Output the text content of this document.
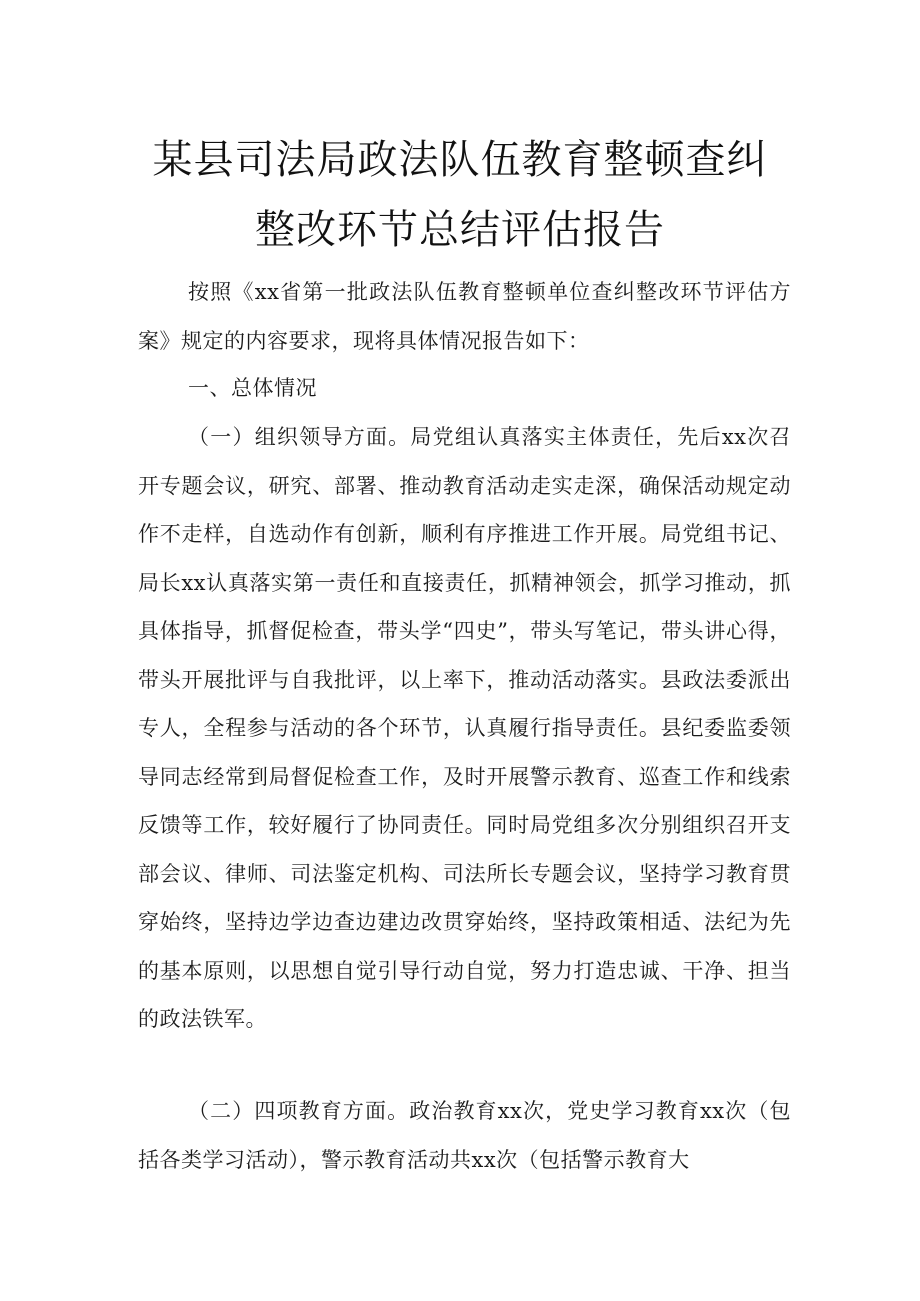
某县司法局政法队伍教育整顿查纠
整改环节总结评估报告

按照《xx省第一批政法队伍教育整顿单位查纠整改环节评估方案》规定的内容要求，现将具体情况报告如下：

一、总体情况

（一）组织领导方面。局党组认真落实主体责任，先后xx次召开专题会议，研究、部署、推动教育活动走实走深，确保活动规定动作不走样，自选动作有创新，顺利有序推进工作开展。局党组书记、局长xx认真落实第一责任和直接责任，抓精神领会，抓学习推动，抓具体指导，抓督促检查，带头学“四史”，带头写笔记，带头讲心得，带头开展批评与自我批评，以上率下，推动活动落实。县政法委派出专人，全程参与活动的各个环节，认真履行指导责任。县纪委监委领导同志经常到局督促检查工作，及时开展警示教育、巡查工作和线索反馈等工作，较好履行了协同责任。同时局党组多次分别组织召开支部会议、律师、司法鉴定机构、司法所长专题会议，坚持学习教育贯穿始终，坚持边学边查边建边改贯穿始终，坚持政策相适、法纪为先的基本原则，以思想自觉引导行动自觉，努力打造忠诚、干净、担当的政法铁军。

（二）四项教育方面。政治教育xx次，党史学习教育xx次（包括各类学习活动），警示教育活动共xx次（包括警示教育大
